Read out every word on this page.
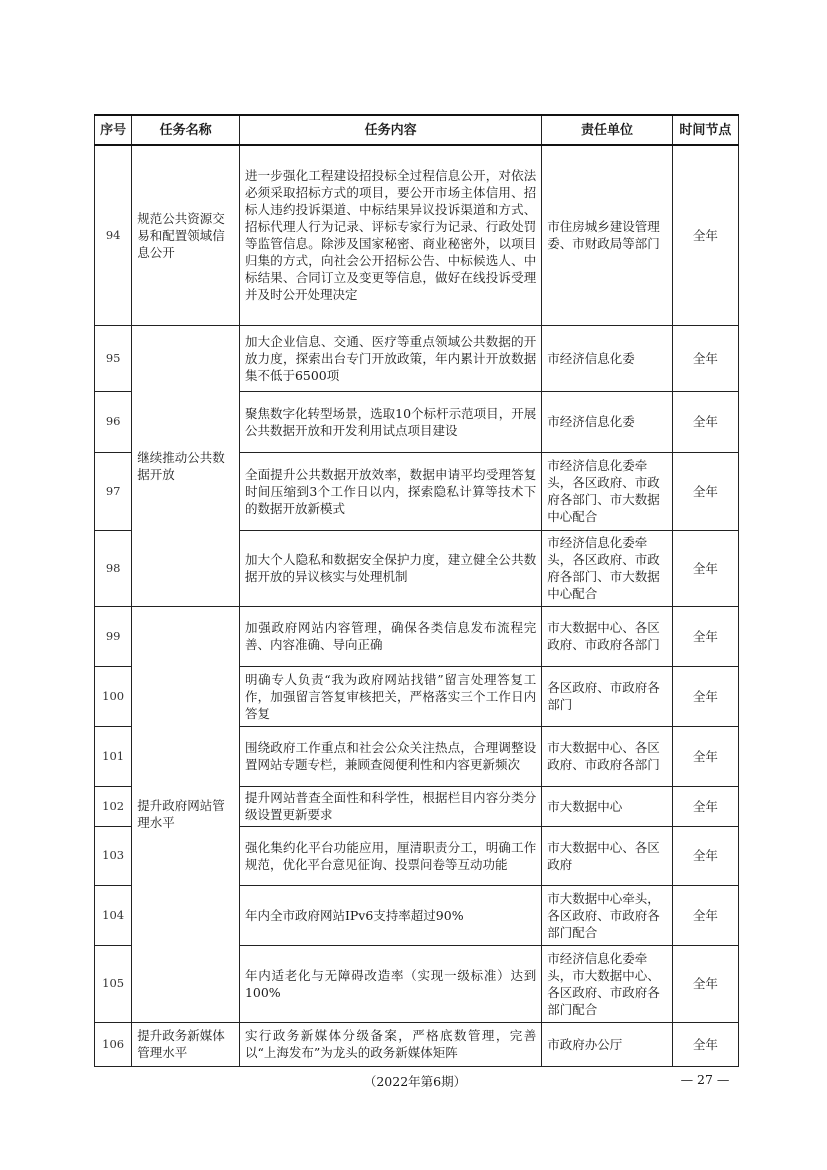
序号	任务名称	任务内容	责任单位	时间节点
94	规范公共资源交易和配置领域信息公开	进一步强化工程建设招投标全过程信息公开，对依法必须采取招标方式的项目，要公开市场主体信用、招标人违约投诉渠道、中标结果异议投诉渠道和方式、招标代理人行为记录、评标专家行为记录、行政处罚等监管信息。除涉及国家秘密、商业秘密外，以项目归集的方式，向社会公开招标公告、中标候选人、中标结果、合同订立及变更等信息，做好在线投诉受理并及时公开处理决定	市住房城乡建设管理委、市财政局等部门	全年
95	继续推动公共数据开放	加大企业信息、交通、医疗等重点领域公共数据的开放力度，探索出台专门开放政策，年内累计开放数据集不低于6500项	市经济信息化委	全年
96		聚焦数字化转型场景，选取10个标杆示范项目，开展公共数据开放和开发利用试点项目建设	市经济信息化委	全年
97		全面提升公共数据开放效率，数据申请平均受理答复时间压缩到3个工作日以内，探索隐私计算等技术下的数据开放新模式	市经济信息化委牵头，各区政府、市政府各部门、市大数据中心配合	全年
98		加大个人隐私和数据安全保护力度，建立健全公共数据开放的异议核实与处理机制	市经济信息化委牵头，各区政府、市政府各部门、市大数据中心配合	全年
99	提升政府网站管理水平	加强政府网站内容管理，确保各类信息发布流程完善、内容准确、导向正确	市大数据中心、各区政府、市政府各部门	全年
100		明确专人负责“我为政府网站找错”留言处理答复工作，加强留言答复审核把关，严格落实三个工作日内答复	各区政府、市政府各部门	全年
101		围绕政府工作重点和社会公众关注热点，合理调整设置网站专题专栏，兼顾查阅便利性和内容更新频次	市大数据中心、各区政府、市政府各部门	全年
102		提升网站普查全面性和科学性，根据栏目内容分类分级设置更新要求	市大数据中心	全年
103		强化集约化平台功能应用，厘清职责分工，明确工作规范，优化平台意见征询、投票问卷等互动功能	市大数据中心、各区政府	全年
104		年内全市政府网站IPv6支持率超过90%	市大数据中心牵头，各区政府、市政府各部门配合	全年
105		年内适老化与无障碍改造率（实现一级标准）达到100%	市经济信息化委牵头，市大数据中心、各区政府、市政府各部门配合	全年
106	提升政务新媒体管理水平	实行政务新媒体分级备案，严格底数管理，完善以“上海发布”为龙头的政务新媒体矩阵	市政府办公厅	全年
（2022年第6期）	— 27 —
